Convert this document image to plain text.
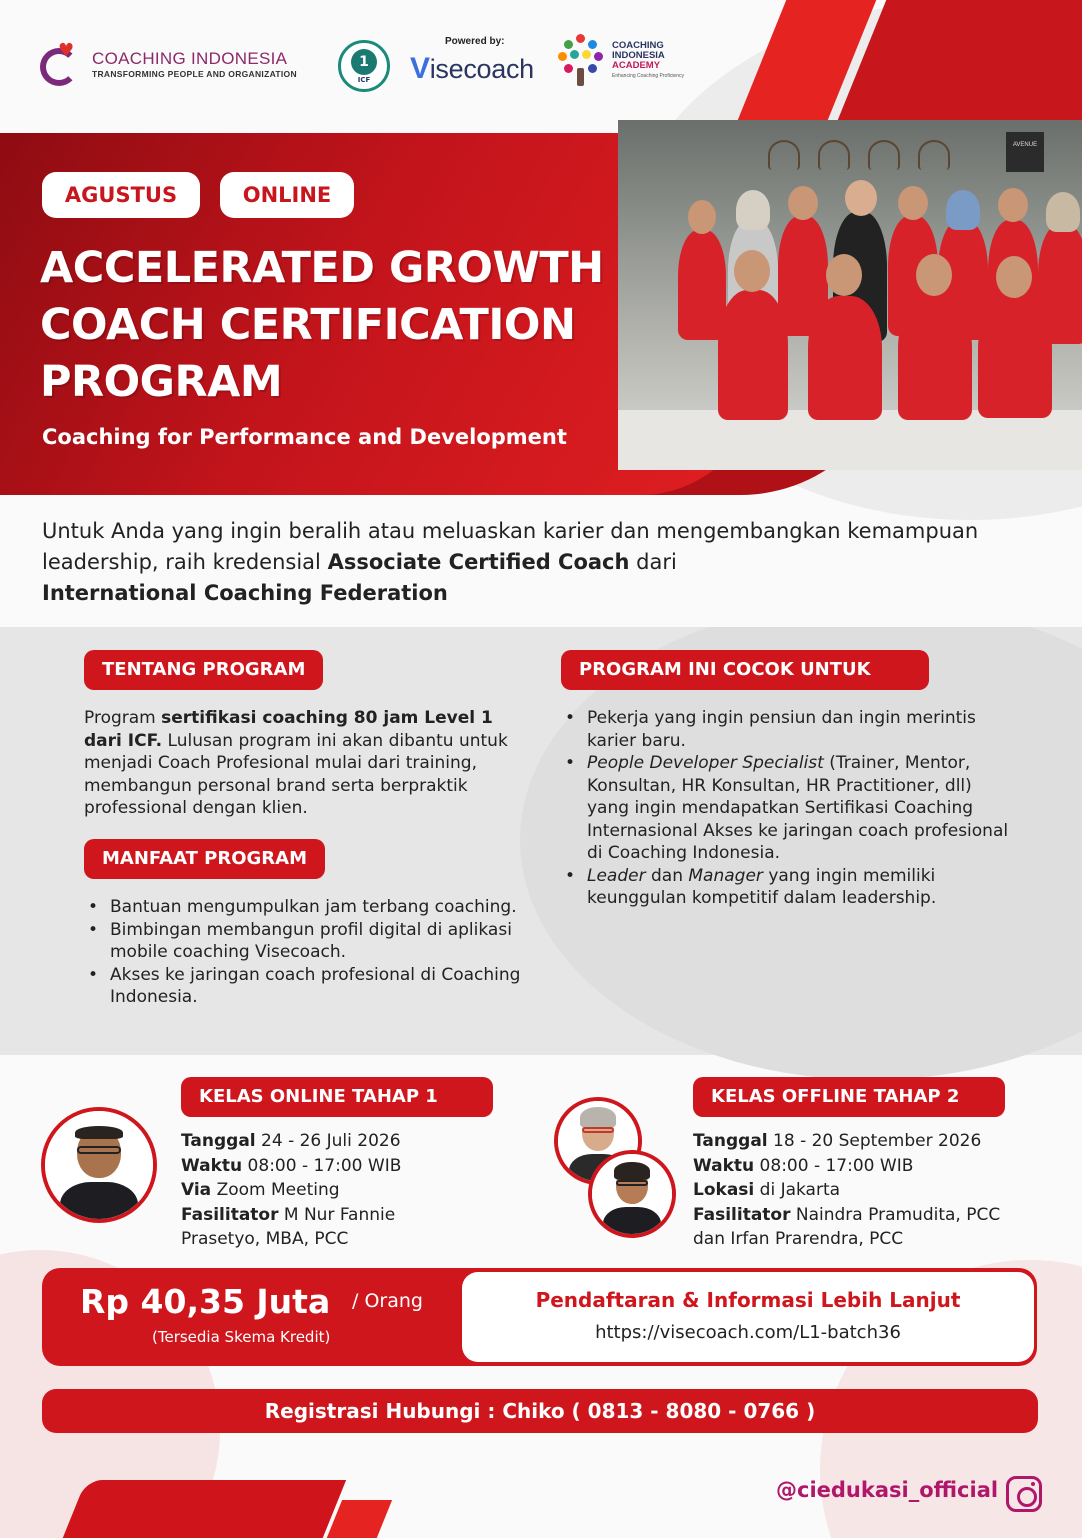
♥ COACHING INDONESIA
TRANSFORMING PEOPLE AND ORGANIZATION
1
ICF
Powered by:
Visecoach
COACHING
INDONESIA
ACADEMY
Enhancing Coaching Proficiency
AVENUE
AGUSTUS	ONLINE
ACCELERATED GROWTH
COACH CERTIFICATION
PROGRAM
Coaching for Performance and Development
Untuk Anda yang ingin beralih atau meluaskan karier dan mengembangkan kemampuan leadership, raih kredensial Associate Certified Coach dari
International Coaching Federation
TENTANG PROGRAM
Program sertifikasi coaching 80 jam Level 1 dari ICF. Lulusan program ini akan dibantu untuk menjadi Coach Profesional mulai dari training, membangun personal brand serta berpraktik professional dengan klien.
MANFAAT PROGRAM
• Bantuan mengumpulkan jam terbang coaching.
• Bimbingan membangun profil digital di aplikasi mobile coaching Visecoach.
• Akses ke jaringan coach profesional di Coaching Indonesia.
PROGRAM INI COCOK UNTUK
• Pekerja yang ingin pensiun dan ingin merintis karier baru.
• People Developer Specialist (Trainer, Mentor, Konsultan, HR Konsultan, HR Practitioner, dll) yang ingin mendapatkan Sertifikasi Coaching Internasional Akses ke jaringan coach profesional di Coaching Indonesia.
• Leader dan Manager yang ingin memiliki keunggulan kompetitif dalam leadership.
KELAS ONLINE TAHAP 1
Tanggal 24 - 26 Juli 2026
Waktu 08:00 - 17:00 WIB
Via Zoom Meeting
Fasilitator M Nur Fannie Prasetyo, MBA, PCC
KELAS OFFLINE TAHAP 2
Tanggal 18 - 20 September 2026
Waktu 08:00 - 17:00 WIB
Lokasi di Jakarta
Fasilitator Naindra Pramudita, PCC dan Irfan Prarendra, PCC
Rp 40,35 Juta / Orang
(Tersedia Skema Kredit)
Pendaftaran & Informasi Lebih Lanjut
https://visecoach.com/L1-batch36
Registrasi Hubungi : Chiko ( 0813 - 8080 - 0766 )
@ciedukasi_official
